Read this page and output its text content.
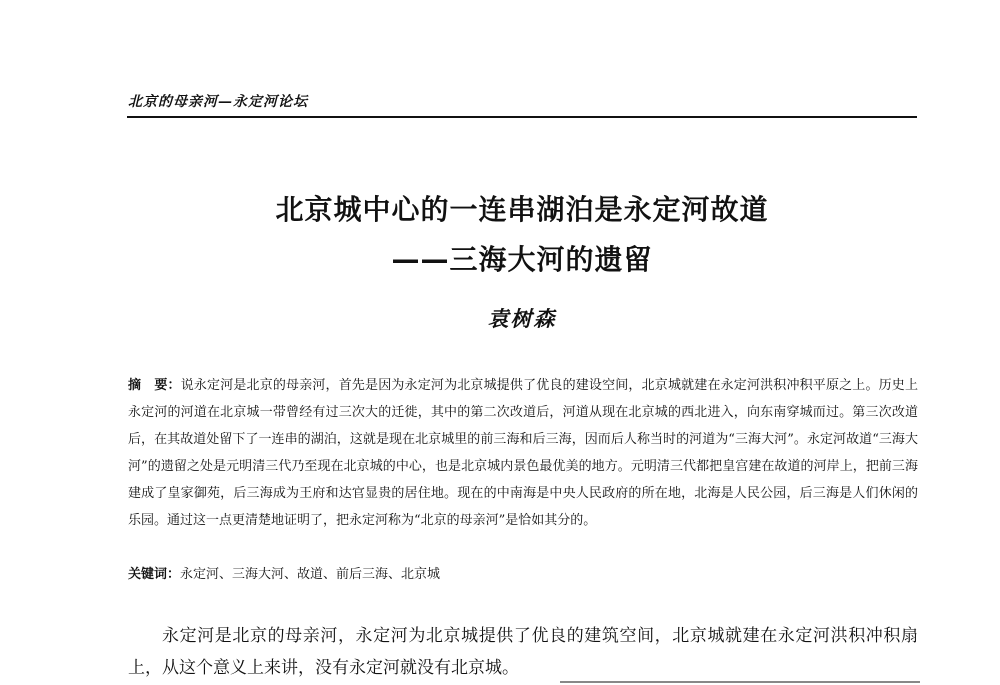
北京的母亲河—永定河论坛
北京城中心的一连串湖泊是永定河故道
——三海大河的遗留
袁树森
摘　要：说永定河是北京的母亲河，首先是因为永定河为北京城提供了优良的建设空间，北京城就建在永定河洪积冲积平原之上。历史上永定河的河道在北京城一带曾经有过三次大的迁徙，其中的第二次改道后，河道从现在北京城的西北进入，向东南穿城而过。第三次改道后，在其故道处留下了一连串的湖泊，这就是现在北京城里的前三海和后三海，因而后人称当时的河道为“三海大河”。永定河故道“三海大河”的遗留之处是元明清三代乃至现在北京城的中心，也是北京城内景色最优美的地方。元明清三代都把皇宫建在故道的河岸上，把前三海建成了皇家御苑，后三海成为王府和达官显贵的居住地。现在的中南海是中央人民政府的所在地，北海是人民公园，后三海是人们休闲的乐园。通过这一点更清楚地证明了，把永定河称为“北京的母亲河”是恰如其分的。
关键词：永定河、三海大河、故道、前后三海、北京城
永定河是北京的母亲河，永定河为北京城提供了优良的建筑空间，北京城就建在永定河洪积冲积扇上，从这个意义上来讲，没有永定河就没有北京城。
